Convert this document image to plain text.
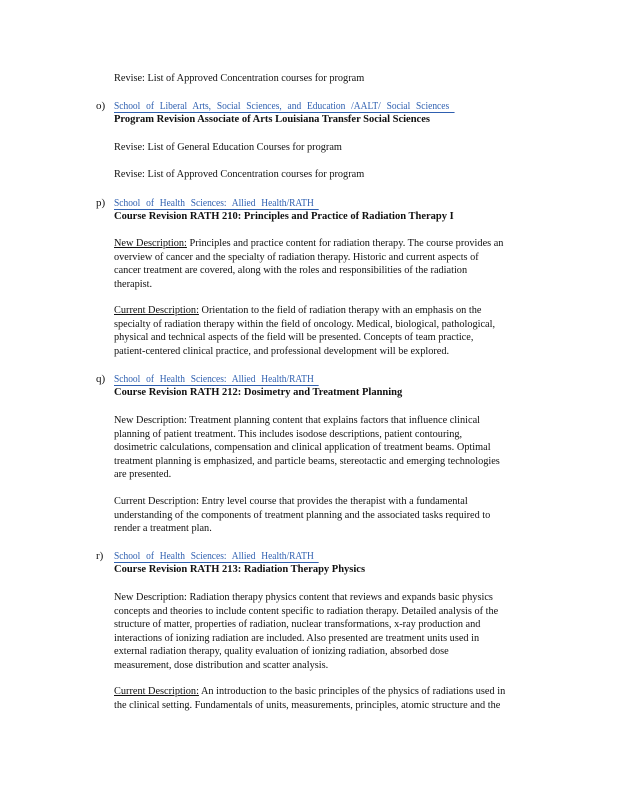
Revise: List of Approved Concentration courses for program
o) School of Liberal Arts, Social Sciences, and Education /AALT/ Social Sciences
Program Revision Associate of Arts Louisiana Transfer Social Sciences
Revise: List of General Education Courses for program
Revise: List of Approved Concentration courses for program
p) School of Health Sciences: Allied Health/RATH
Course Revision RATH 210: Principles and Practice of Radiation Therapy I
New Description: Principles and practice content for radiation therapy. The course provides an
overview of cancer and the specialty of radiation therapy. Historic and current aspects of
cancer treatment are covered, along with the roles and responsibilities of the radiation
therapist.
Current Description: Orientation to the field of radiation therapy with an emphasis on the
specialty of radiation therapy within the field of oncology. Medical, biological, pathological,
physical and technical aspects of the field will be presented. Concepts of team practice,
patient-centered clinical practice, and professional development will be explored.
q) School of Health Sciences: Allied Health/RATH
Course Revision RATH 212: Dosimetry and Treatment Planning
New Description: Treatment planning content that explains factors that influence clinical
planning of patient treatment. This includes isodose descriptions, patient contouring,
dosimetric calculations, compensation and clinical application of treatment beams. Optimal
treatment planning is emphasized, and particle beams, stereotactic and emerging technologies
are presented.
Current Description: Entry level course that provides the therapist with a fundamental
understanding of the components of treatment planning and the associated tasks required to
render a treatment plan.
r) School of Health Sciences: Allied Health/RATH
Course Revision RATH 213: Radiation Therapy Physics
New Description: Radiation therapy physics content that reviews and expands basic physics
concepts and theories to include content specific to radiation therapy. Detailed analysis of the
structure of matter, properties of radiation, nuclear transformations, x-ray production and
interactions of ionizing radiation are included. Also presented are treatment units used in
external radiation therapy, quality evaluation of ionizing radiation, absorbed dose
measurement, dose distribution and scatter analysis.
Current Description: An introduction to the basic principles of the physics of radiations used in
the clinical setting. Fundamentals of units, measurements, principles, atomic structure and the
